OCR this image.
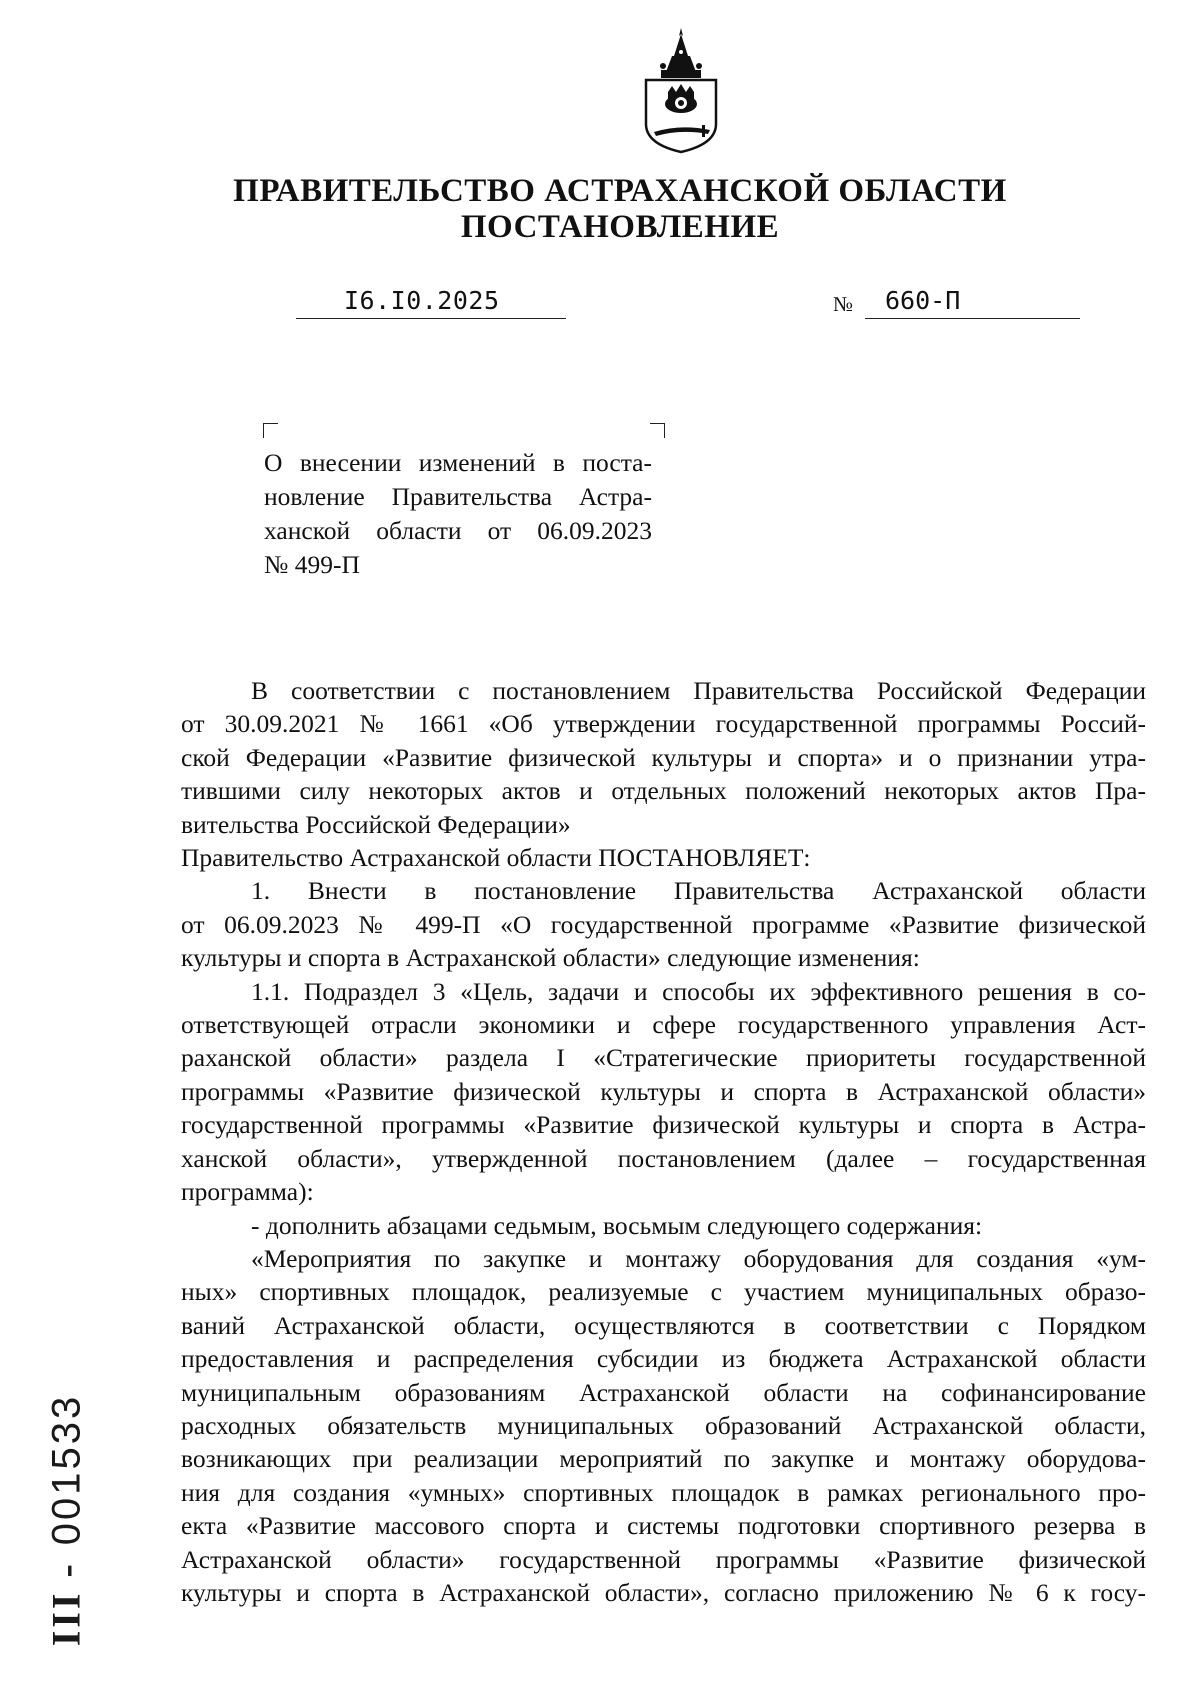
ПРАВИТЕЛЬСТВО АСТРАХАНСКОЙ ОБЛАСТИ
ПОСТАНОВЛЕНИЕ
I6.I0.2025	№ 660-П
О внесении изменений в поста-
новление Правительства Астра-
ханской области от 06.09.2023
№ 499-П
В соответствии с постановлением Правительства Российской Федерации
от 30.09.2021 № 1661 «Об утверждении государственной программы Россий-
ской Федерации «Развитие физической культуры и спорта» и о признании утра-
тившими силу некоторых актов и отдельных положений некоторых актов Пра-
вительства Российской Федерации»
Правительство Астраханской области ПОСТАНОВЛЯЕТ:
1. Внести в постановление Правительства Астраханской области
от 06.09.2023 № 499-П «О государственной программе «Развитие физической
культуры и спорта в Астраханской области» следующие изменения:
1.1. Подраздел 3 «Цель, задачи и способы их эффективного решения в со-
ответствующей отрасли экономики и сфере государственного управления Аст-
раханской области» раздела I «Стратегические приоритеты государственной
программы «Развитие физической культуры и спорта в Астраханской области»
государственной программы «Развитие физической культуры и спорта в Астра-
ханской области», утвержденной постановлением (далее – государственная
программа):
- дополнить абзацами седьмым, восьмым следующего содержания:
«Мероприятия по закупке и монтажу оборудования для создания «ум-
ных» спортивных площадок, реализуемые с участием муниципальных образо-
ваний Астраханской области, осуществляются в соответствии с Порядком
предоставления и распределения субсидии из бюджета Астраханской области
муниципальным образованиям Астраханской области на софинансирование
расходных обязательств муниципальных образований Астраханской области,
возникающих при реализации мероприятий по закупке и монтажу оборудова-
ния для создания «умных» спортивных площадок в рамках регионального про-
екта «Развитие массового спорта и системы подготовки спортивного резерва в
Астраханской области» государственной программы «Развитие физической
культуры и спорта в Астраханской области», согласно приложению № 6 к госу-
III -001533
